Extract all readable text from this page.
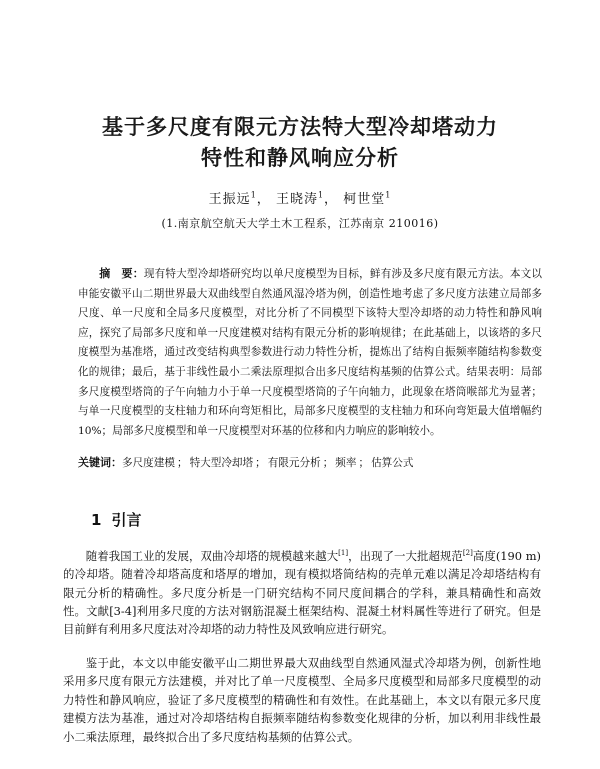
基于多尺度有限元方法特大型冷却塔动力
特性和静风响应分析
王振远$^1$， 王晓涛$^1$， 柯世堂$^1$
(1.南京航空航天大学土木工程系，江苏南京 210016)
摘　要：现有特大型冷却塔研究均以单尺度模型为目标，鲜有涉及多尺度有限元方法。本文以申能安徽平山二期世界最大双曲线型自然通风湿冷塔为例，创造性地考虑了多尺度方法建立局部多尺度、单一尺度和全局多尺度模型，对比分析了不同模型下该特大型冷却塔的动力特性和静风响应，探究了局部多尺度和单一尺度建模对结构有限元分析的影响规律；在此基础上，以该塔的多尺度模型为基准塔，通过改变结构典型参数进行动力特性分析，提炼出了结构自振频率随结构参数变化的规律；最后，基于非线性最小二乘法原理拟合出多尺度结构基频的估算公式。结果表明：局部多尺度模型塔筒的子午向轴力小于单一尺度模型塔筒的子午向轴力，此现象在塔筒喉部尤为显著；与单一尺度模型的支柱轴力和环向弯矩相比，局部多尺度模型的支柱轴力和环向弯矩最大值增幅约10%；局部多尺度模型和单一尺度模型对环基的位移和内力响应的影响较小。
关键词：多尺度建模 ； 特大型冷却塔 ； 有限元分析 ； 频率 ； 估算公式
1 引言
随着我国工业的发展，双曲冷却塔的规模越来越大[1]，出现了一大批超规范[2]高度(190 m)的冷却塔。随着冷却塔高度和塔厚的增加，现有模拟塔筒结构的壳单元难以满足冷却塔结构有限元分析的精确性。多尺度分析是一门研究结构不同尺度间耦合的学科，兼具精确性和高效性。文献[3-4]利用多尺度的方法对钢筋混凝土框架结构、混凝土材料属性等进行了研究。但是目前鲜有利用多尺度法对冷却塔的动力特性及风致响应进行研究。
鉴于此，本文以申能安徽平山二期世界最大双曲线型自然通风湿式冷却塔为例，创新性地采用多尺度有限元方法建模，并对比了单一尺度模型、全局多尺度模型和局部多尺度模型的动力特性和静风响应，验证了多尺度模型的精确性和有效性。在此基础上，本文以有限元多尺度建模方法为基准，通过对冷却塔结构自振频率随结构参数变化规律的分析，加以利用非线性最小二乘法原理，最终拟合出了多尺度结构基频的估算公式。
